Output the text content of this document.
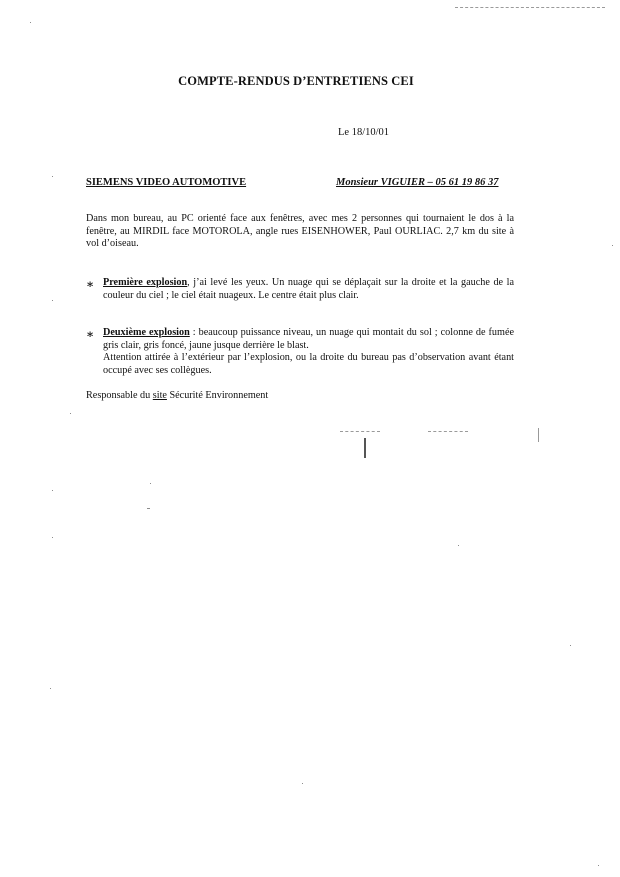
COMPTE-RENDUS D’ENTRETIENS CEI
Le 18/10/01
SIEMENS VIDEO AUTOMOTIVE	Monsieur VIGUIER – 05 61 19 86 37

Dans mon bureau, au PC orienté face aux fenêtres, avec mes 2 personnes qui tournaient le dos à la fenêtre, au MIRDIL face MOTOROLA, angle rues EISENHOWER, Paul OURLIAC. 2,7 km du site à vol d’oiseau.

∗ Première explosion, j’ai levé les yeux. Un nuage qui se déplaçait sur la droite et la gauche de la couleur du ciel ; le ciel était nuageux. Le centre était plus clair.

∗ Deuxième explosion : beaucoup puissance niveau, un nuage qui montait du sol ; colonne de fumée gris clair, gris foncé, jaune jusque derrière le blast.

Attention attirée à l’extérieur par l’explosion, ou la droite du bureau pas d’observation avant étant occupé avec ses collègues.

Responsable du site Sécurité Environnement
